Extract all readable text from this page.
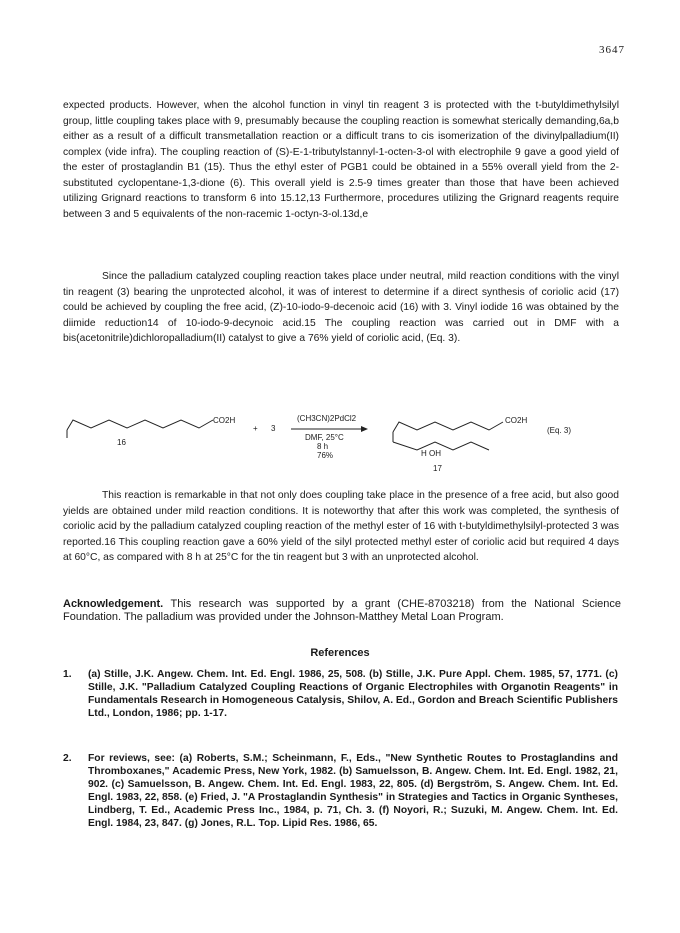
3647
expected products. However, when the alcohol function in vinyl tin reagent 3 is protected with the t-butyldimethylsilyl group, little coupling takes place with 9, presumably because the coupling reaction is somewhat sterically demanding,6a,b either as a result of a difficult transmetallation reaction or a difficult trans to cis isomerization of the divinylpalladium(II) complex (vide infra). The coupling reaction of (S)-E-1-tributylstannyl-1-octen-3-ol with electrophile 9 gave a good yield of the ester of prostaglandin B1 (15). Thus the ethyl ester of PGB1 could be obtained in a 55% overall yield from the 2-substituted cyclopentane-1,3-dione (6). This overall yield is 2.5-9 times greater than those that have been achieved utilizing Grignard reactions to transform 6 into 15.12,13 Furthermore, procedures utilizing the Grignard reagents require between 3 and 5 equivalents of the non-racemic 1-octyn-3-ol.13d,e
Since the palladium catalyzed coupling reaction takes place under neutral, mild reaction conditions with the vinyl tin reagent (3) bearing the unprotected alcohol, it was of interest to determine if a direct synthesis of coriolic acid (17) could be achieved by coupling the free acid, (Z)-10-iodo-9-decenoic acid (16) with 3. Vinyl iodide 16 was obtained by the diimide reduction14 of 10-iodo-9-decynoic acid.15 The coupling reaction was carried out in DMF with a bis(acetonitrile)dichloropalladium(II) catalyst to give a 76% yield of coriolic acid, (Eq. 3).
CO2H
16
+ 3
(CH3CN)2PdCl2
DMF, 25°C
8 h
76%
CO2H
H OH
17
(Eq. 3)
This reaction is remarkable in that not only does coupling take place in the presence of a free acid, but also good yields are obtained under mild reaction conditions. It is noteworthy that after this work was completed, the synthesis of coriolic acid by the palladium catalyzed coupling reaction of the methyl ester of 16 with t-butyldimethylsilyl-protected 3 was reported.16 This coupling reaction gave a 60% yield of the silyl protected methyl ester of coriolic acid but required 4 days at 60°C, as compared with 8 h at 25°C for the tin reagent but 3 with an unprotected alcohol.
Acknowledgement. This research was supported by a grant (CHE-8703218) from the National Science Foundation. The palladium was provided under the Johnson-Matthey Metal Loan Program.
References
1. (a) Stille, J.K. Angew. Chem. Int. Ed. Engl. 1986, 25, 508. (b) Stille, J.K. Pure Appl. Chem. 1985, 57, 1771. (c) Stille, J.K. "Palladium Catalyzed Coupling Reactions of Organic Electrophiles with Organotin Reagents" in Fundamentals Research in Homogeneous Catalysis, Shilov, A. Ed., Gordon and Breach Scientific Publishers Ltd., London, 1986; pp. 1-17.
2. For reviews, see: (a) Roberts, S.M.; Scheinmann, F., Eds., "New Synthetic Routes to Prostaglandins and Thromboxanes," Academic Press, New York, 1982. (b) Samuelsson, B. Angew. Chem. Int. Ed. Engl. 1982, 21, 902. (c) Samuelsson, B. Angew. Chem. Int. Ed. Engl. 1983, 22, 805. (d) Bergström, S. Angew. Chem. Int. Ed. Engl. 1983, 22, 858. (e) Fried, J. "A Prostaglandin Synthesis" in Strategies and Tactics in Organic Syntheses, Lindberg, T. Ed., Academic Press Inc., 1984, p. 71, Ch. 3. (f) Noyori, R.; Suzuki, M. Angew. Chem. Int. Ed. Engl. 1984, 23, 847. (g) Jones, R.L. Top. Lipid Res. 1986, 65.
